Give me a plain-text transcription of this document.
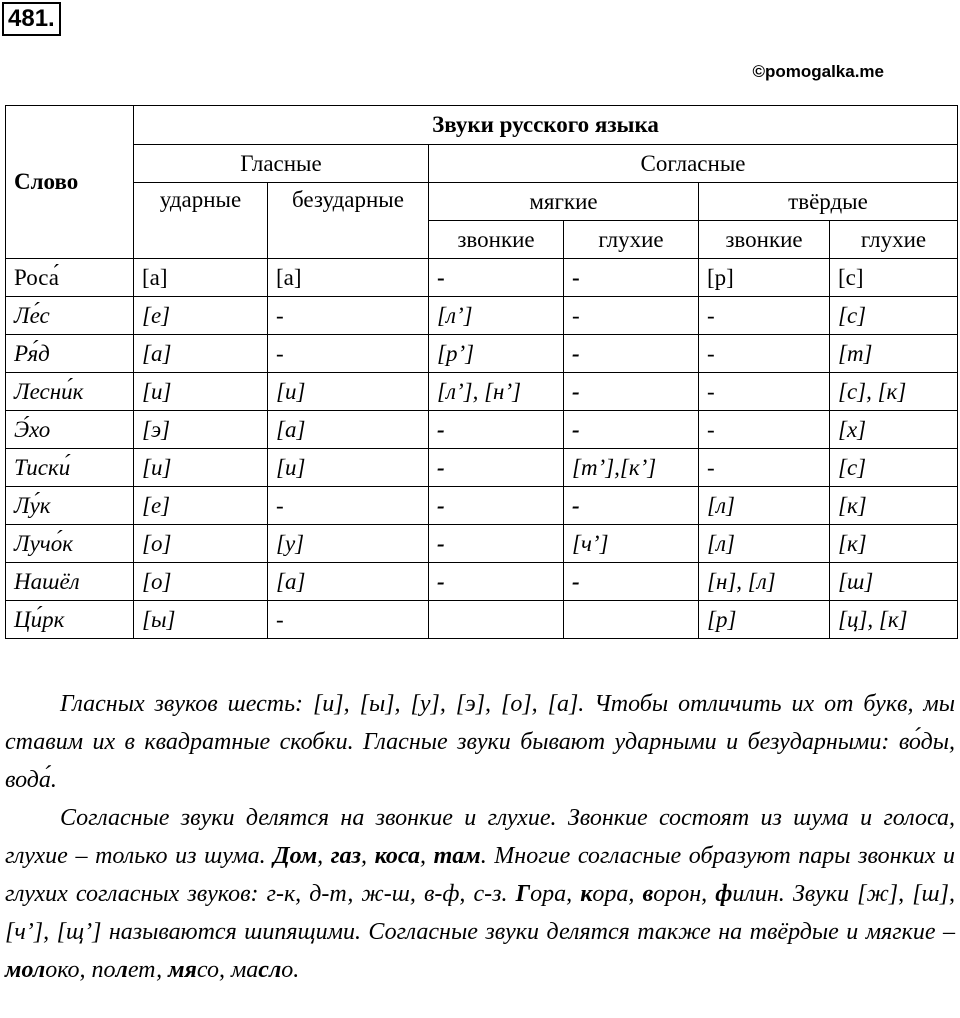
481.
©pomogalka.me
Слово	Звуки русского языка					
	Гласные		Согласные			
	ударные	безударные	мягкие		твёрдые	
			звонкие	глухие	звонкие	глухие
Роса́	[а]	[а]	-	-	[р]	[с]
Ле́с	[е]	-	[л’]	-	-	[с]
Ря́д	[а]	-	[р’]	-	-	[т]
Лесни́к	[и]	[и]	[л’], [н’]	-	-	[с], [к]
Э́хо	[э]	[а]	-	-	-	[х]
Тиски́	[и]	[и]	-	[т’],[к’]	-	[с]
Лу́к	[е]	-	-	-	[л]	[к]
Лучо́к	[о]	[у]	-	[ч’]	[л]	[к]
Нашёл	[о]	[а]	-	-	[н], [л]	[ш]
Ци́рк	[ы]	-			[р]	[ц], [к]

Гласных звуков шесть: [и], [ы], [у], [э], [о], [а]. Чтобы отличить их от букв, мы ставим их в квадратные скобки. Гласные звуки бывают ударными и безударными: во́ды, вода́.

Согласные звуки делятся на звонкие и глухие. Звонкие состоят из шума и голоса, глухие – только из шума. Дом, газ, коса, там. Многие согласные образуют пары звонких и глухих согласных звуков: г-к, д-т, ж-ш, в-ф, с-з. Гора, кора, ворон, филин. Звуки [ж], [ш], [ч’], [щ’] называются шипящими. Согласные звуки делятся также на твёрдые и мягкие – молоко, полет, мясо, масло.
